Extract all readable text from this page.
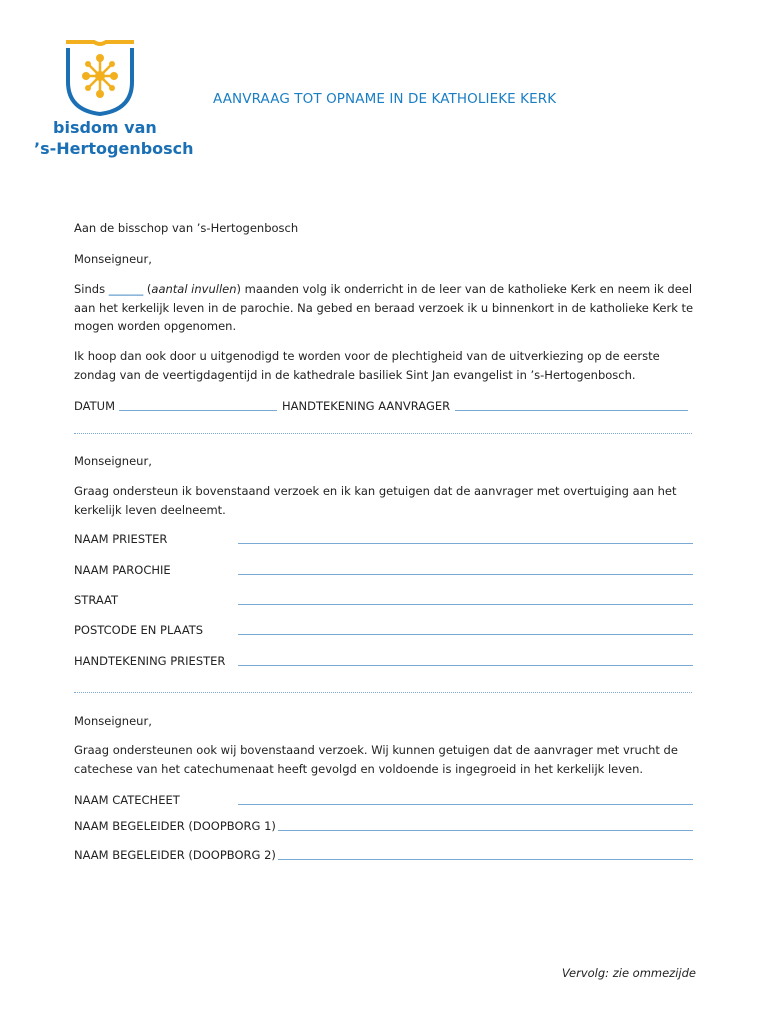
bisdom van
’s-Hertogenbosch
AANVRAAG TOT OPNAME IN DE KATHOLIEKE KERK
Aan de bisschop van ’s-Hertogenbosch
Monseigneur,

Sinds ______ (aantal invullen) maanden volg ik onderricht in de leer van de katholieke Kerk en neem ik deel aan het kerkelijk leven in de parochie. Na gebed en beraad verzoek ik u binnenkort in de katholieke Kerk te mogen worden opgenomen.

Ik hoop dan ook door u uitgenodigd te worden voor de plechtigheid van de uitverkiezing op de eerste zondag van de veertigdagentijd in de kathedrale basiliek Sint Jan evangelist in ’s-Hertogenbosch.

DATUM	HANDTEKENING AANVRAGER
Monseigneur,

Graag ondersteun ik bovenstaand verzoek en ik kan getuigen dat de aanvrager met overtuiging aan het kerkelijk leven deelneemt.

NAAM PRIESTER
NAAM PAROCHIE
STRAAT
POSTCODE EN PLAATS
HANDTEKENING PRIESTER
Monseigneur,

Graag ondersteunen ook wij bovenstaand verzoek. Wij kunnen getuigen dat de aanvrager met vrucht de catechese van het catechumenaat heeft gevolgd en voldoende is ingegroeid in het kerkelijk leven.

NAAM CATECHEET
NAAM BEGELEIDER (DOOPBORG 1)
NAAM BEGELEIDER (DOOPBORG 2)
Vervolg: zie ommezijde
